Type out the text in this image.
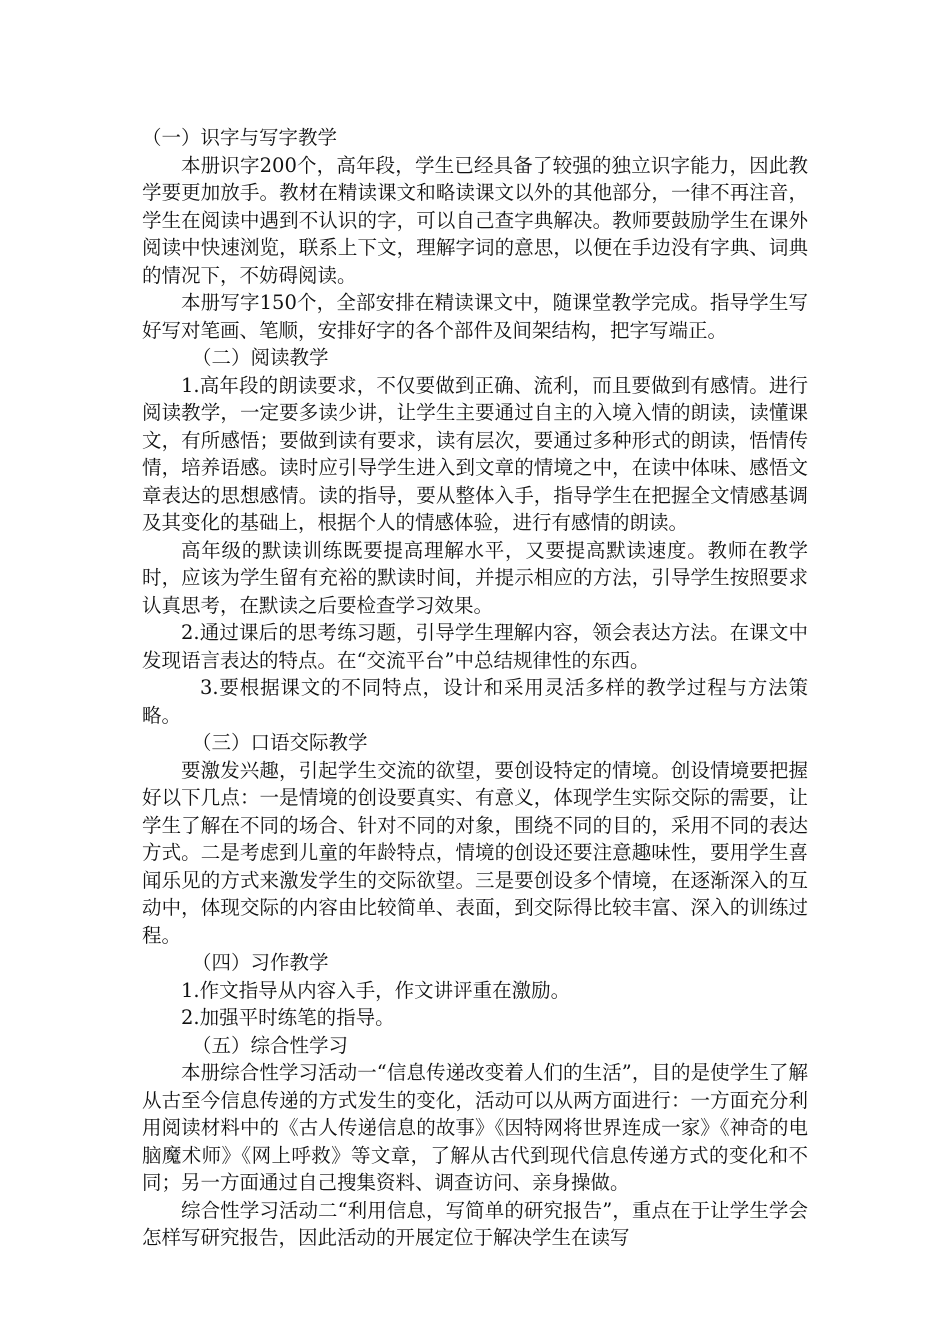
（一）识字与写字教学

本册识字200个，高年段，学生已经具备了较强的独立识字能力，因此教学要更加放手。教材在精读课文和略读课文以外的其他部分，一律不再注音，学生在阅读中遇到不认识的字，可以自己查字典解决。教师要鼓励学生在课外阅读中快速浏览，联系上下文，理解字词的意思，以便在手边没有字典、词典的情况下，不妨碍阅读。

本册写字150个，全部安排在精读课文中，随课堂教学完成。指导学生写好写对笔画、笔顺，安排好字的各个部件及间架结构，把字写端正。

（二）阅读教学

1.高年段的朗读要求，不仅要做到正确、流利，而且要做到有感情。进行阅读教学，一定要多读少讲，让学生主要通过自主的入境入情的朗读，读懂课文，有所感悟；要做到读有要求，读有层次，要通过多种形式的朗读，悟情传情，培养语感。读时应引导学生进入到文章的情境之中，在读中体味、感悟文章表达的思想感情。读的指导，要从整体入手，指导学生在把握全文情感基调及其变化的基础上，根据个人的情感体验，进行有感情的朗读。

高年级的默读训练既要提高理解水平，又要提高默读速度。教师在教学时，应该为学生留有充裕的默读时间，并提示相应的方法，引导学生按照要求认真思考，在默读之后要检查学习效果。

2.通过课后的思考练习题，引导学生理解内容，领会表达方法。在课文中发现语言表达的特点。在“交流平台”中总结规律性的东西。

3.要根据课文的不同特点，设计和采用灵活多样的教学过程与方法策略。

（三）口语交际教学

要激发兴趣，引起学生交流的欲望，要创设特定的情境。创设情境要把握好以下几点：一是情境的创设要真实、有意义，体现学生实际交际的需要，让学生了解在不同的场合、针对不同的对象，围绕不同的目的，采用不同的表达方式。二是考虑到儿童的年龄特点，情境的创设还要注意趣味性，要用学生喜闻乐见的方式来激发学生的交际欲望。三是要创设多个情境，在逐渐深入的互动中，体现交际的内容由比较简单、表面，到交际得比较丰富、深入的训练过程。

（四）习作教学

1.作文指导从内容入手，作文讲评重在激励。

2.加强平时练笔的指导。

（五）综合性学习

本册综合性学习活动一“信息传递改变着人们的生活”，目的是使学生了解从古至今信息传递的方式发生的变化，活动可以从两方面进行：一方面充分利用阅读材料中的《古人传递信息的故事》《因特网将世界连成一家》《神奇的电脑魔术师》《网上呼救》等文章，了解从古代到现代信息传递方式的变化和不同；另一方面通过自己搜集资料、调查访问、亲身操做。

综合性学习活动二“利用信息，写简单的研究报告”，重点在于让学生学会怎样写研究报告，因此活动的开展定位于解决学生在读写
